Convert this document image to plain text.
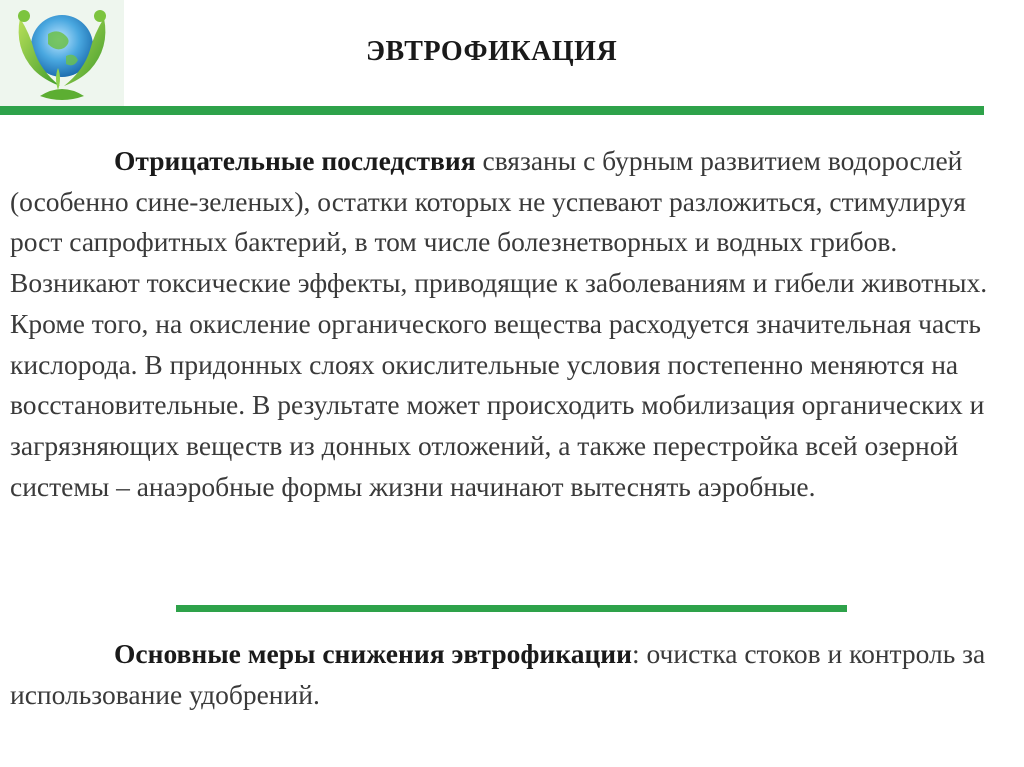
ЭВТРОФИКАЦИЯ

Отрицательные последствия связаны с бурным развитием водорослей (особенно сине-зеленых), остатки которых не успевают разложиться, стимулируя рост сапрофитных бактерий, в том числе болезнетворных и водных грибов. Возникают токсические эффекты, приводящие к заболеваниям и гибели животных.

Кроме того, на окисление органического вещества расходуется значительная часть кислорода. В придонных слоях окислительные условия постепенно меняются на восстановительные. В результате может происходить мобилизация органических и загрязняющих веществ из донных отложений, а также перестройка всей озерной системы – анаэробные формы жизни начинают вытеснять аэробные.

Основные меры снижения эвтрофикации: очистка стоков и контроль за использование удобрений.
